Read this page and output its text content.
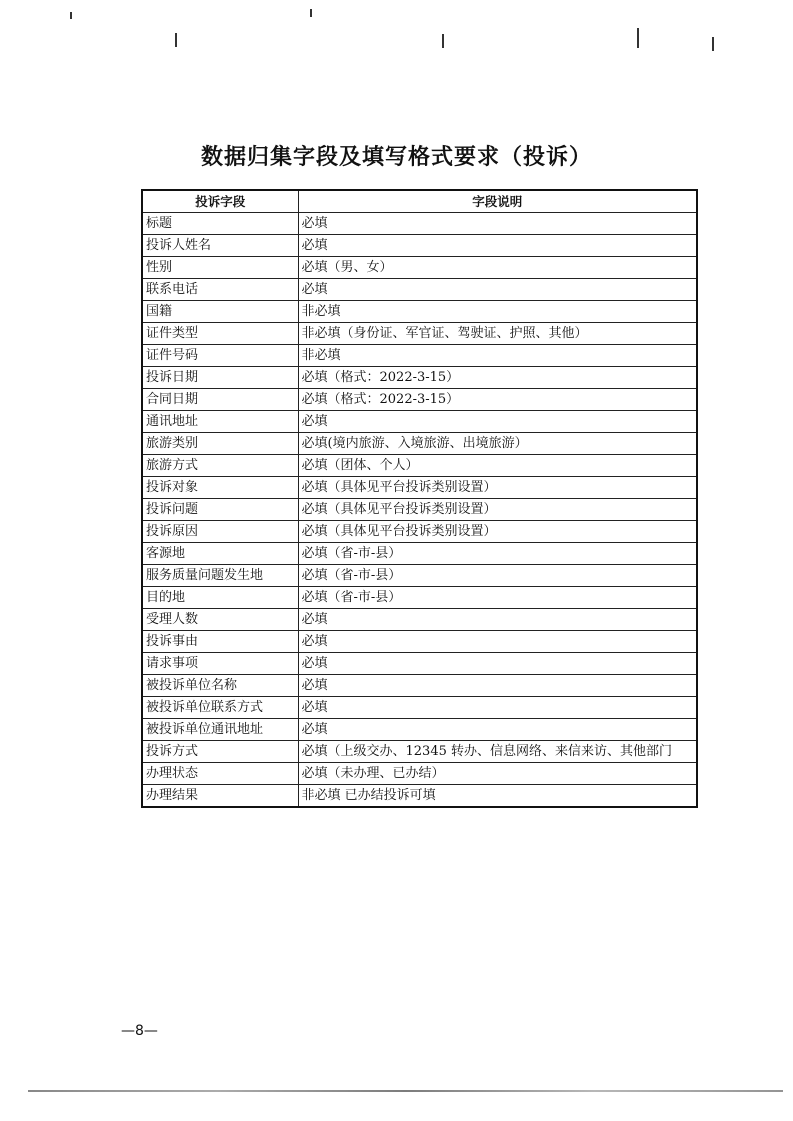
数据归集字段及填写格式要求（投诉）
投诉字段	字段说明
标题	必填
投诉人姓名	必填
性别	必填（男、女）
联系电话	必填
国籍	非必填
证件类型	非必填（身份证、军官证、驾驶证、护照、其他）
证件号码	非必填
投诉日期	必填（格式：2022-3-15）
合同日期	必填（格式：2022-3-15）
通讯地址	必填
旅游类别	必填(境内旅游、入境旅游、出境旅游）
旅游方式	必填（团体、个人）
投诉对象	必填（具体见平台投诉类别设置）
投诉问题	必填（具体见平台投诉类别设置）
投诉原因	必填（具体见平台投诉类别设置）
客源地	必填（省-市-县）
服务质量问题发生地	必填（省-市-县）
目的地	必填（省-市-县）
受理人数	必填
投诉事由	必填
请求事项	必填
被投诉单位名称	必填
被投诉单位联系方式	必填
被投诉单位通讯地址	必填
投诉方式	必填（上级交办、12345 转办、信息网络、来信来访、其他部门
办理状态	必填（未办理、已办结）
办理结果	非必填 已办结投诉可填
—8—
